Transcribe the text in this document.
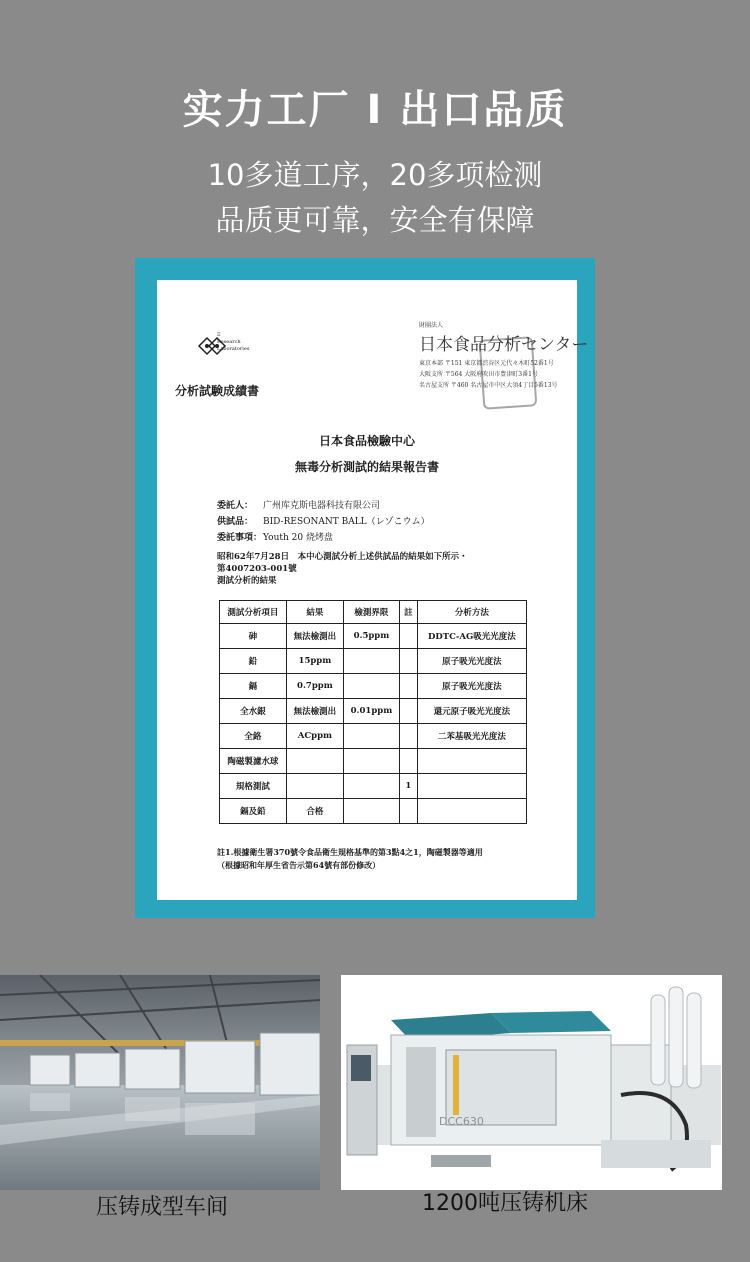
实力工厂 I 出口品质
10多道工序，20多项检测
品质更可靠，安全有保障
Ξ
Research
Laboratories
財團法人
日本食品分析センター
東京本部 〒151 東京都渋谷区元代々木町52番1号
大阪支所 〒564 大阪府吹田市豊津町3番1号
名古屋支所 〒460 名古屋市中区大須4丁目5番13号
分析試験成績書
日本食品檢驗中心
無毒分析測試的結果報告書
委託人： 广州库克斯电器科技有限公司
供試品： BID-RESONANT BALL（レゾこウム）
委託事項：Youth 20 烧烤盘
昭和62年7月28日　本中心測試分析上述供試品的結果如下所示・
第4007203-001號
測試分析的結果
測試分析項目	結果	檢測界限	註	分析方法
砷	無法檢測出	0.5ppm		DDTC-AG吸光光度法
鉛	15ppm			原子吸光光度法
鎘	0.7ppm			原子吸光光度法
全水銀	無法檢測出	0.01ppm		還元原子吸光光度法
全鉻	ACppm			二苯基吸光光度法
陶磁製濾水球				
規格測試			1	
鎘及鉛	合格			
註1.根據衛生署370號令食品衛生規格基準的第3點4之1，陶磁製器等適用
（根據昭和年厚生省告示第64號有部份修改）
DCC630
压铸成型车间	1200吨压铸机床
